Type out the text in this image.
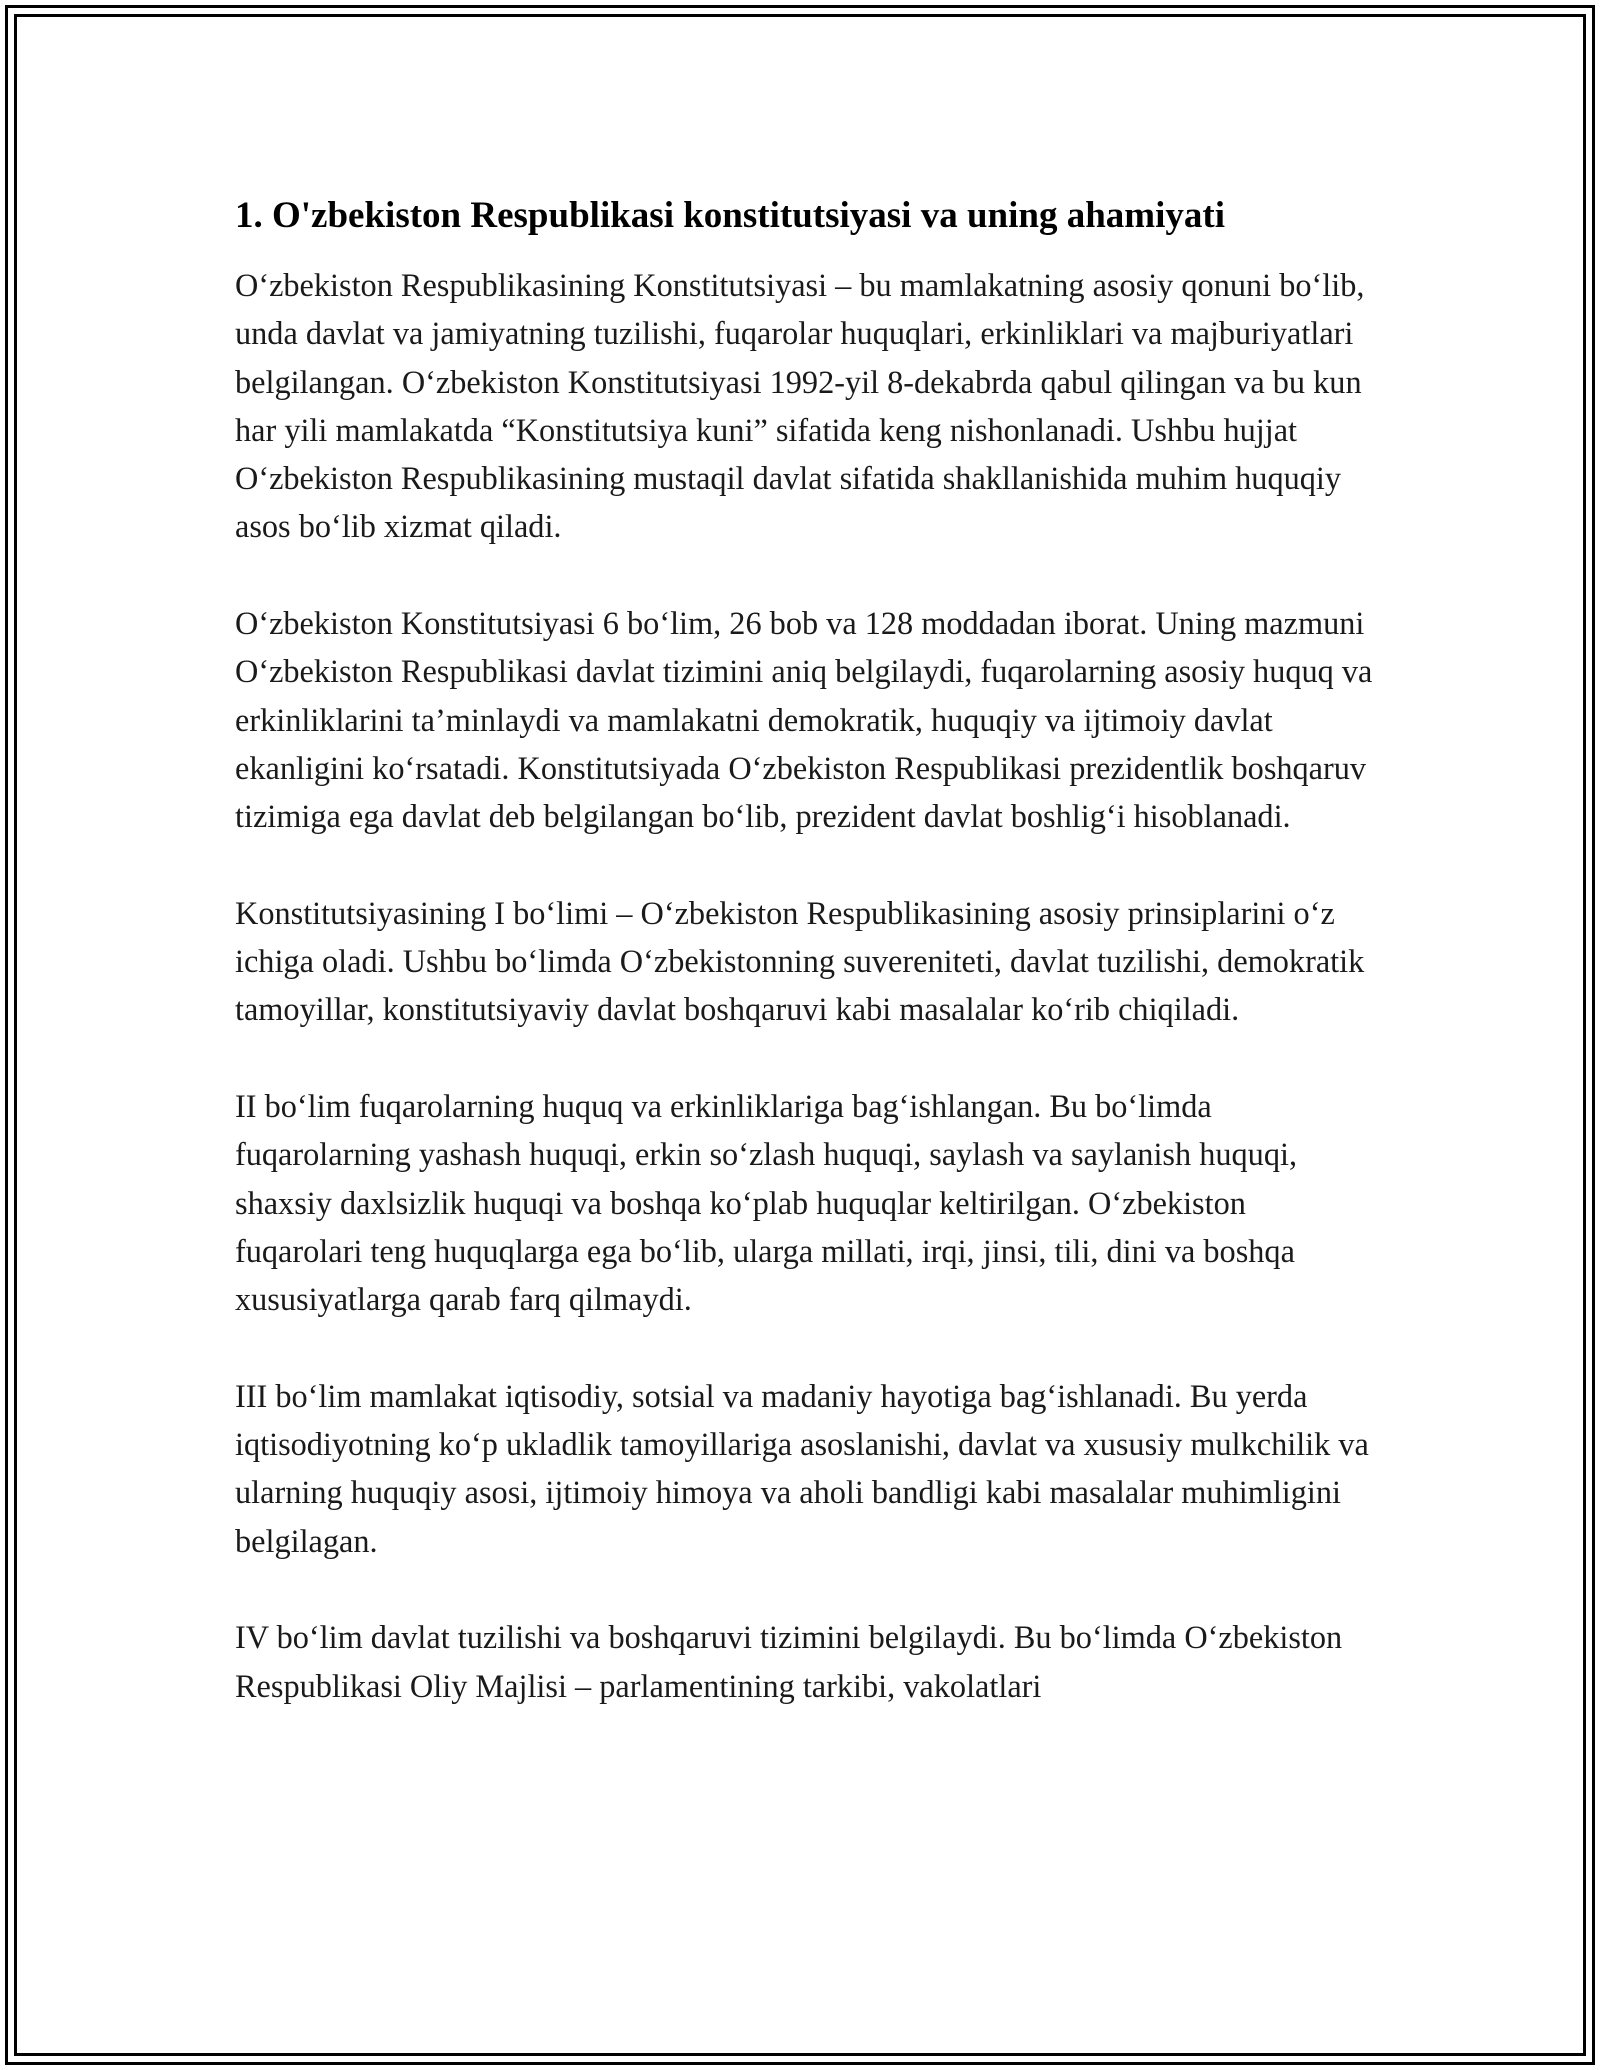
1. O'zbekiston Respublikasi konstitutsiyasi va uning ahamiyati

O‘zbekiston Respublikasining Konstitutsiyasi – bu mamlakatning asosiy qonuni bo‘lib, unda davlat va jamiyatning tuzilishi, fuqarolar huquqlari, erkinliklari va majburiyatlari belgilangan. O‘zbekiston Konstitutsiyasi 1992-yil 8-dekabrda qabul qilingan va bu kun har yili mamlakatda “Konstitutsiya kuni” sifatida keng nishonlanadi. Ushbu hujjat O‘zbekiston Respublikasining mustaqil davlat sifatida shakllanishida muhim huquqiy asos bo‘lib xizmat qiladi.

O‘zbekiston Konstitutsiyasi 6 bo‘lim, 26 bob va 128 moddadan iborat. Uning mazmuni O‘zbekiston Respublikasi davlat tizimini aniq belgilaydi, fuqarolarning asosiy huquq va erkinliklarini ta’minlaydi va mamlakatni demokratik, huquqiy va ijtimoiy davlat ekanligini ko‘rsatadi. Konstitutsiyada O‘zbekiston Respublikasi prezidentlik boshqaruv tizimiga ega davlat deb belgilangan bo‘lib, prezident davlat boshlig‘i hisoblanadi.

Konstitutsiyasining I bo‘limi – O‘zbekiston Respublikasining asosiy prinsiplarini o‘z ichiga oladi. Ushbu bo‘limda O‘zbekistonning suvereniteti, davlat tuzilishi, demokratik tamoyillar, konstitutsiyaviy davlat boshqaruvi kabi masalalar ko‘rib chiqiladi.

II bo‘lim fuqarolarning huquq va erkinliklariga bag‘ishlangan. Bu bo‘limda fuqarolarning yashash huquqi, erkin so‘zlash huquqi, saylash va saylanish huquqi, shaxsiy daxlsizlik huquqi va boshqa ko‘plab huquqlar keltirilgan. O‘zbekiston fuqarolari teng huquqlarga ega bo‘lib, ularga millati, irqi, jinsi, tili, dini va boshqa xususiyatlarga qarab farq qilmaydi.

III bo‘lim mamlakat iqtisodiy, sotsial va madaniy hayotiga bag‘ishlanadi. Bu yerda iqtisodiyotning ko‘p ukladlik tamoyillariga asoslanishi, davlat va xususiy mulkchilik va ularning huquqiy asosi, ijtimoiy himoya va aholi bandligi kabi masalalar muhimligini belgilagan.

IV bo‘lim davlat tuzilishi va boshqaruvi tizimini belgilaydi. Bu bo‘limda O‘zbekiston Respublikasi Oliy Majlisi – parlamentining tarkibi, vakolatlari
